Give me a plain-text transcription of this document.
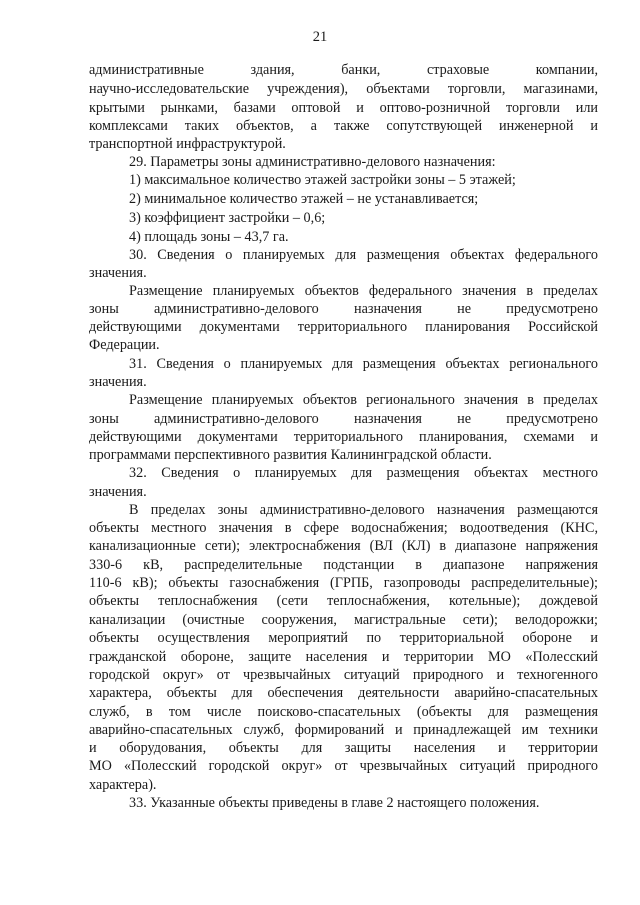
21
административные здания, банки, страховые компании,
научно-исследовательские учреждения), объектами торговли, магазинами,
крытыми рынками, базами оптовой и оптово-розничной торговли или
комплексами таких объектов, а также сопутствующей инженерной и
транспортной инфраструктурой.
29. Параметры зоны административно-делового назначения:
1) максимальное количество этажей застройки зоны – 5 этажей;
2) минимальное количество этажей – не устанавливается;
3) коэффициент застройки – 0,6;
4) площадь зоны – 43,7 га.
30. Сведения о планируемых для размещения объектах федерального
значения.
Размещение планируемых объектов федерального значения в пределах
зоны административно-делового назначения не предусмотрено
действующими документами территориального планирования Российской
Федерации.
31. Сведения о планируемых для размещения объектах регионального
значения.
Размещение планируемых объектов регионального значения в пределах
зоны административно-делового назначения не предусмотрено
действующими документами территориального планирования, схемами и
программами перспективного развития Калининградской области.
32. Сведения о планируемых для размещения объектах местного
значения.
В пределах зоны административно-делового назначения размещаются
объекты местного значения в сфере водоснабжения; водоотведения (КНС,
канализационные сети); электроснабжения (ВЛ (КЛ) в диапазоне напряжения
330-6 кВ, распределительные подстанции в диапазоне напряжения
110-6 кВ); объекты газоснабжения (ГРПБ, газопроводы распределительные);
объекты теплоснабжения (сети теплоснабжения, котельные); дождевой
канализации (очистные сооружения, магистральные сети); велодорожки;
объекты осуществления мероприятий по территориальной обороне и
гражданской обороне, защите населения и территории МО «Полесский
городской округ» от чрезвычайных ситуаций природного и техногенного
характера, объекты для обеспечения деятельности аварийно-спасательных
служб, в том числе поисково-спасательных (объекты для размещения
аварийно-спасательных служб, формирований и принадлежащей им техники
и оборудования, объекты для защиты населения и территории
МО «Полесский городской округ» от чрезвычайных ситуаций природного
характера).
33. Указанные объекты приведены в главе 2 настоящего положения.
